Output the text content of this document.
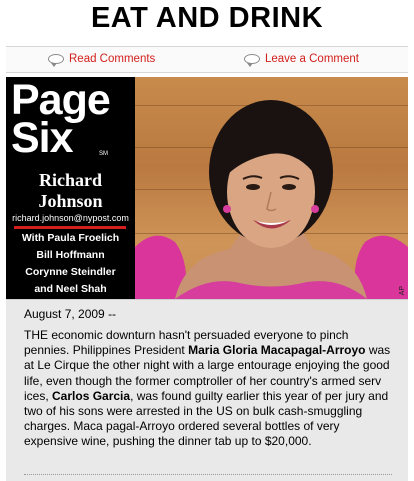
EAT AND DRINK
Read Comments	Leave a Comment
Page
Six	SM
Richard
Johnson
richard.johnson@nypost.com
With Paula Froelich
Bill Hoffmann
Corynne Steindler
and Neel Shah	AP
August 7, 2009 --

THE economic downturn hasn't persuaded everyone to pinch pennies. Philippines President Maria Gloria Macapagal-Arroyo was at Le Cirque the other night with a large entourage enjoying the good life, even though the former comptroller of her country's armed serv ices, Carlos Garcia, was found guilty earlier this year of per jury and two of his sons were arrested in the US on bulk cash-smuggling charges. Maca pagal-Arroyo ordered several bottles of very expensive wine, pushing the dinner tab up to $20,000.
